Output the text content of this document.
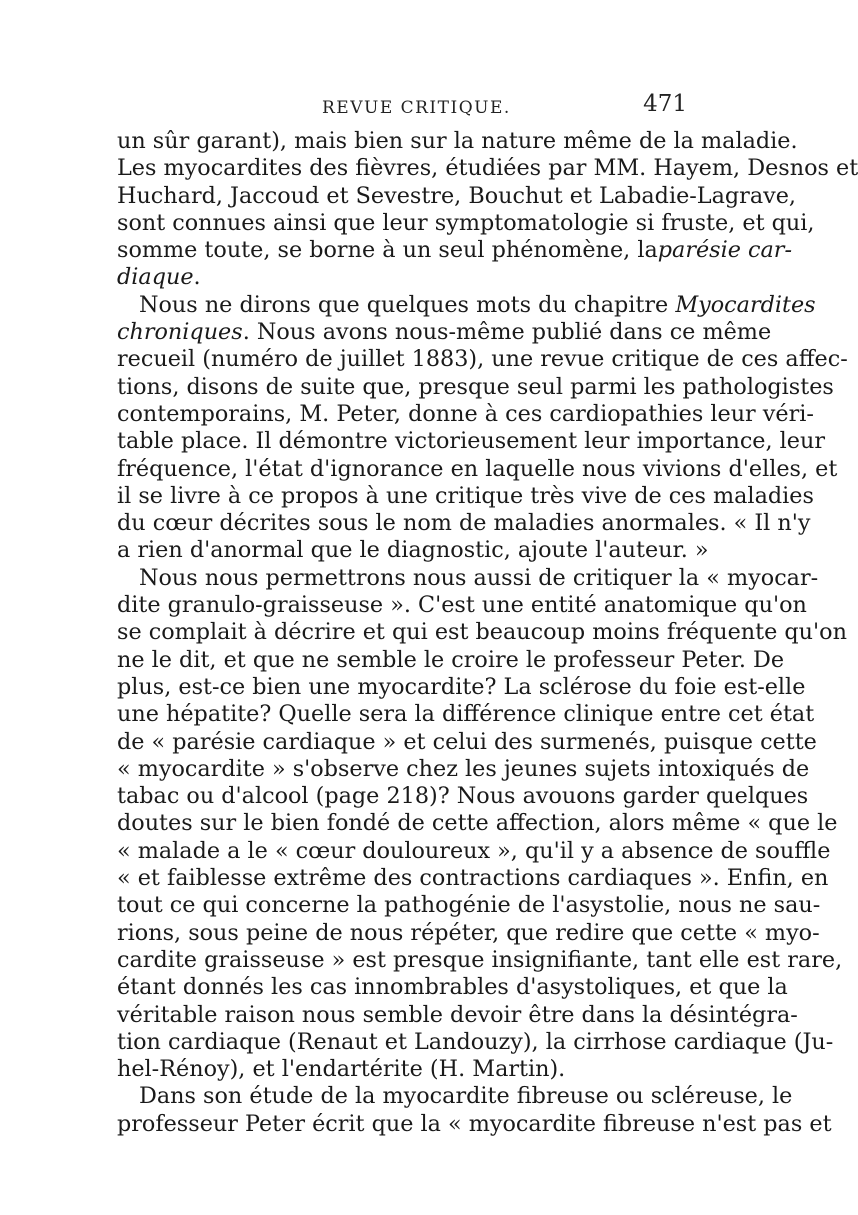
REVUE CRITIQUE.	471
un sûr garant), mais bien sur la nature même de la maladie.
Les myocardites des fièvres, étudiées par MM. Hayem, Desnos et
Huchard, Jaccoud et Sevestre, Bouchut et Labadie-Lagrave,
sont connues ainsi que leur symptomatologie si fruste, et qui,
somme toute, se borne à un seul phénomène, laparésie car-
diaque.
Nous ne dirons que quelques mots du chapitre Myocardites
chroniques. Nous avons nous-même publié dans ce même
recueil (numéro de juillet 1883), une revue critique de ces affec-
tions, disons de suite que, presque seul parmi les pathologistes
contemporains, M. Peter, donne à ces cardiopathies leur véri-
table place. Il démontre victorieusement leur importance, leur
fréquence, l'état d'ignorance en laquelle nous vivions d'elles, et
il se livre à ce propos à une critique très vive de ces maladies
du cœur décrites sous le nom de maladies anormales. « Il n'y
a rien d'anormal que le diagnostic, ajoute l'auteur. »
Nous nous permettrons nous aussi de critiquer la « myocar-
dite granulo-graisseuse ». C'est une entité anatomique qu'on
se complait à décrire et qui est beaucoup moins fréquente qu'on
ne le dit, et que ne semble le croire le professeur Peter. De
plus, est-ce bien une myocardite? La sclérose du foie est-elle
une hépatite? Quelle sera la différence clinique entre cet état
de « parésie cardiaque » et celui des surmenés, puisque cette
« myocardite » s'observe chez les jeunes sujets intoxiqués de
tabac ou d'alcool (page 218)? Nous avouons garder quelques
doutes sur le bien fondé de cette affection, alors même « que le
« malade a le « cœur douloureux », qu'il y a absence de souffle
« et faiblesse extrême des contractions cardiaques ». Enfin, en
tout ce qui concerne la pathogénie de l'asystolie, nous ne sau-
rions, sous peine de nous répéter, que redire que cette « myo-
cardite graisseuse » est presque insignifiante, tant elle est rare,
étant donnés les cas innombrables d'asystoliques, et que la
véritable raison nous semble devoir être dans la désintégra-
tion cardiaque (Renaut et Landouzy), la cirrhose cardiaque (Ju-
hel-Rénoy), et l'endartérite (H. Martin).
Dans son étude de la myocardite fibreuse ou scléreuse, le
professeur Peter écrit que la « myocardite fibreuse n'est pas et
